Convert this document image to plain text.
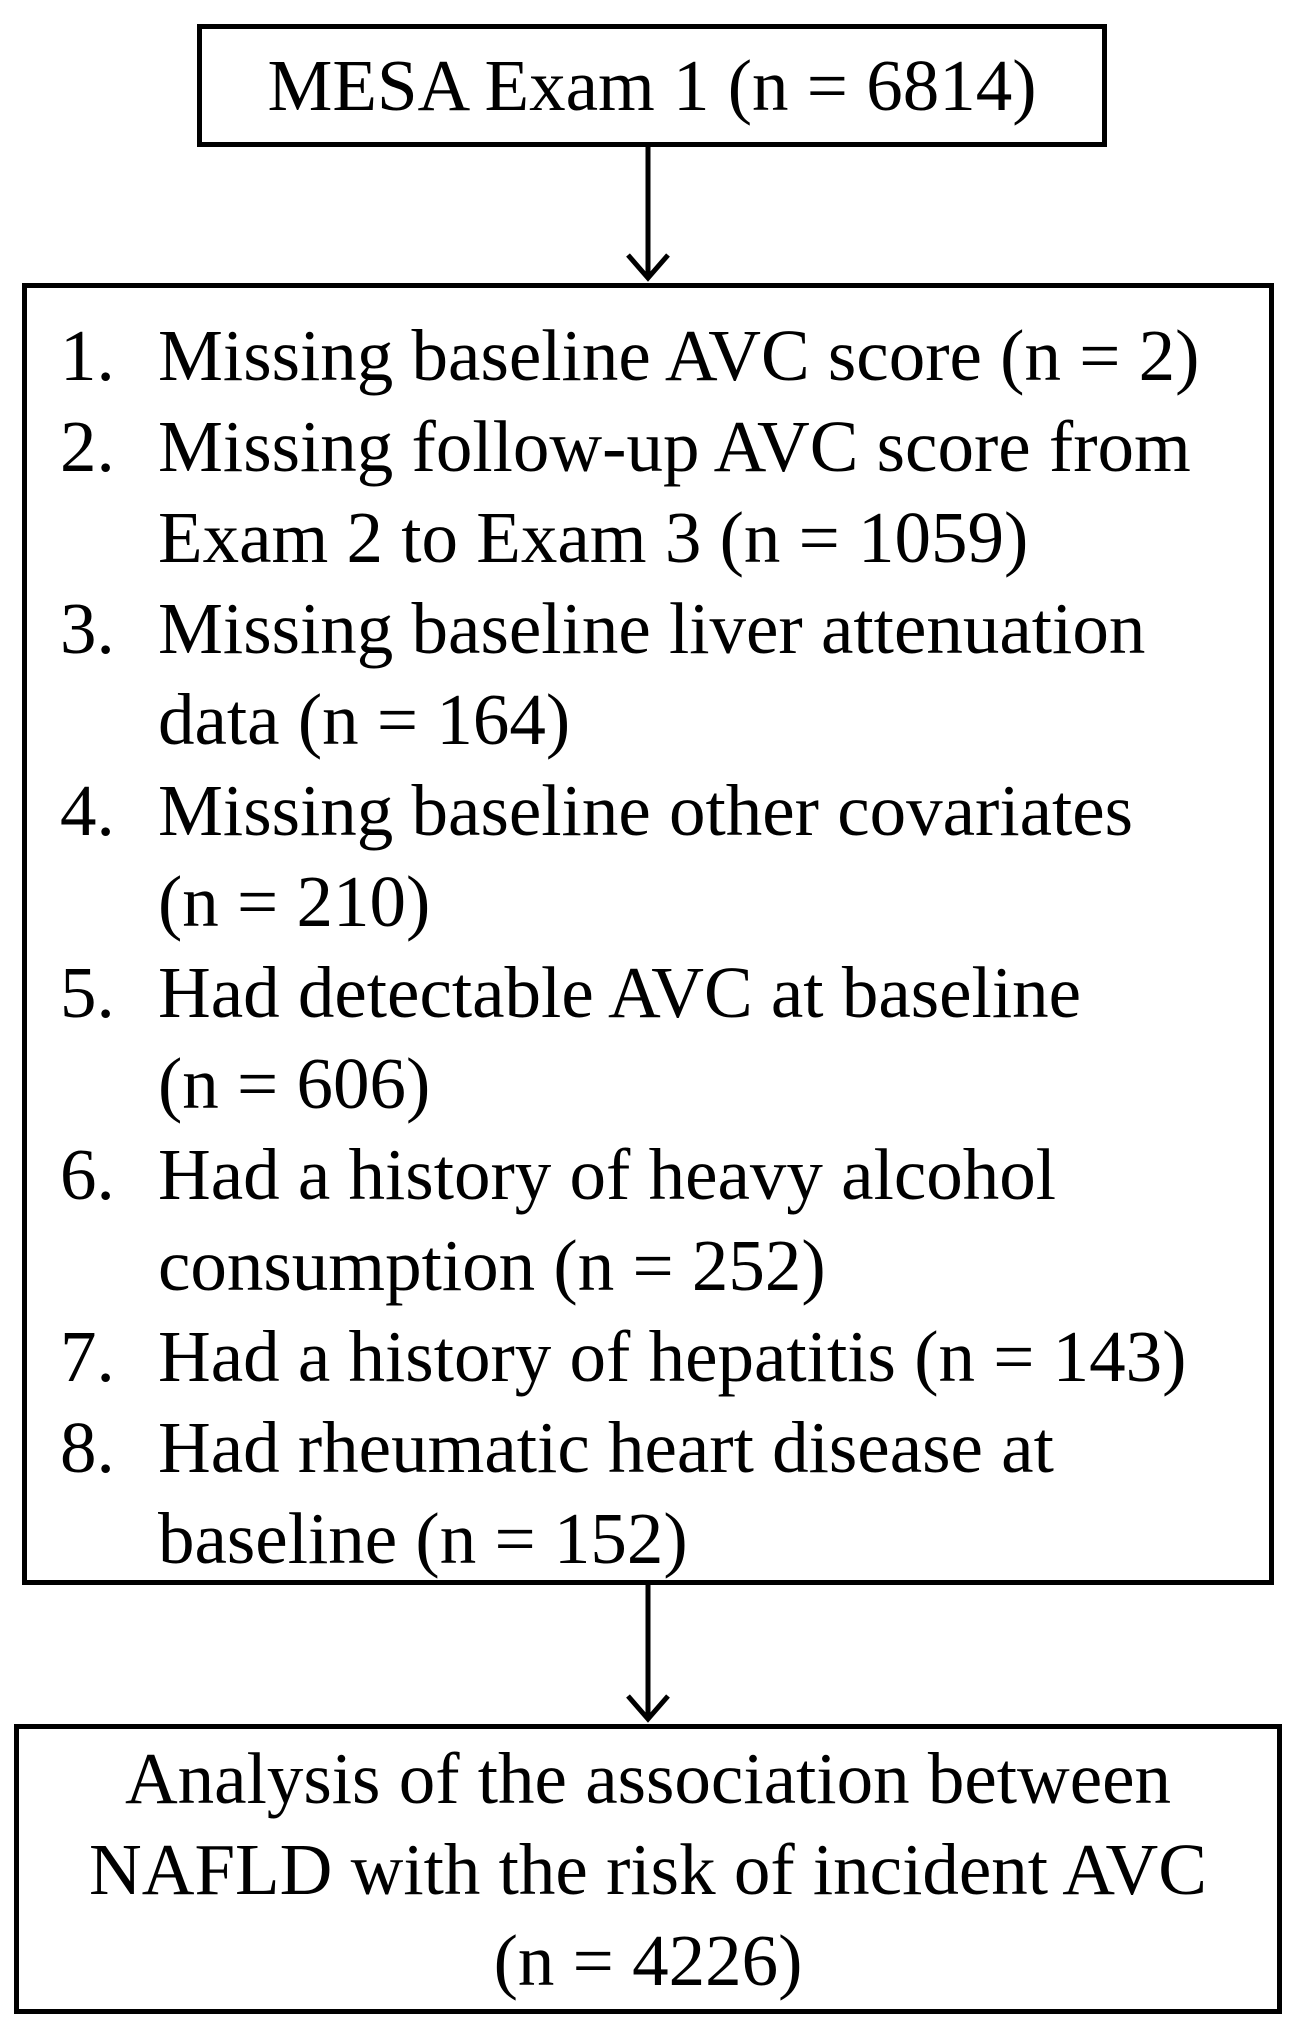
MESA Exam 1 (n = 6814)
1. Missing baseline AVC score (n = 2)
2. Missing follow-up AVC score from
Exam 2 to Exam 3 (n = 1059)
3. Missing baseline liver attenuation
data (n = 164)
4. Missing baseline other covariates
(n = 210)
5. Had detectable AVC at baseline
(n = 606)
6. Had a history of heavy alcohol
consumption (n = 252)
7. Had a history of hepatitis (n = 143)
8. Had rheumatic heart disease at
baseline (n = 152)
Analysis of the association between
NAFLD with the risk of incident AVC
(n = 4226)
